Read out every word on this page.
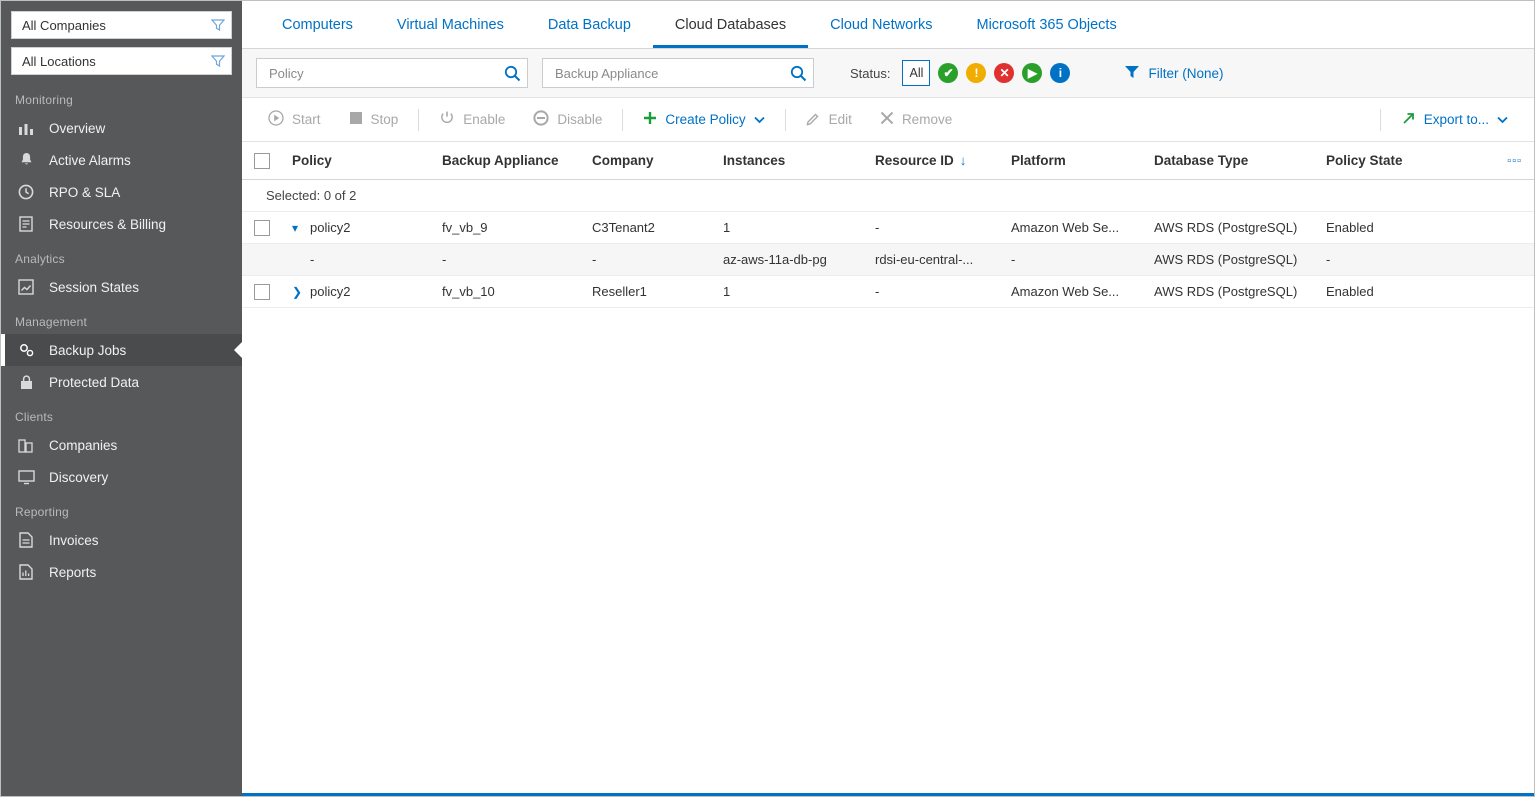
All Companies
All Locations
Monitoring
Overview
Active Alarms
RPO & SLA
Resources & Billing
Analytics
Session States
Management
Backup Jobs
Protected Data
Clients
Companies
Discovery
Reporting
Invoices
Reports
Computers	Virtual Machines	Data Backup	Cloud Databases	Cloud Networks	Microsoft 365 Objects
Policy
Backup Appliance
Status:	All	✔	!	✕	▶	i	Filter (None)
Start	Stop	Enable	Disable	Create Policy	Edit	Remove	Export to...
Policy	Backup Appliance	Company	Instances	Resource ID ↓	Platform	Database Type	Policy State	▫▫▫
Selected: 0 of 2
▾ policy2	fv_vb_9	C3Tenant2	1	-	Amazon Web Se...	AWS RDS (PostgreSQL)	Enabled
-	-	-	az-aws-11a-db-pg	rdsi-eu-central-...	-	AWS RDS (PostgreSQL)	-
❯ policy2	fv_vb_10	Reseller1	1	-	Amazon Web Se...	AWS RDS (PostgreSQL)	Enabled
